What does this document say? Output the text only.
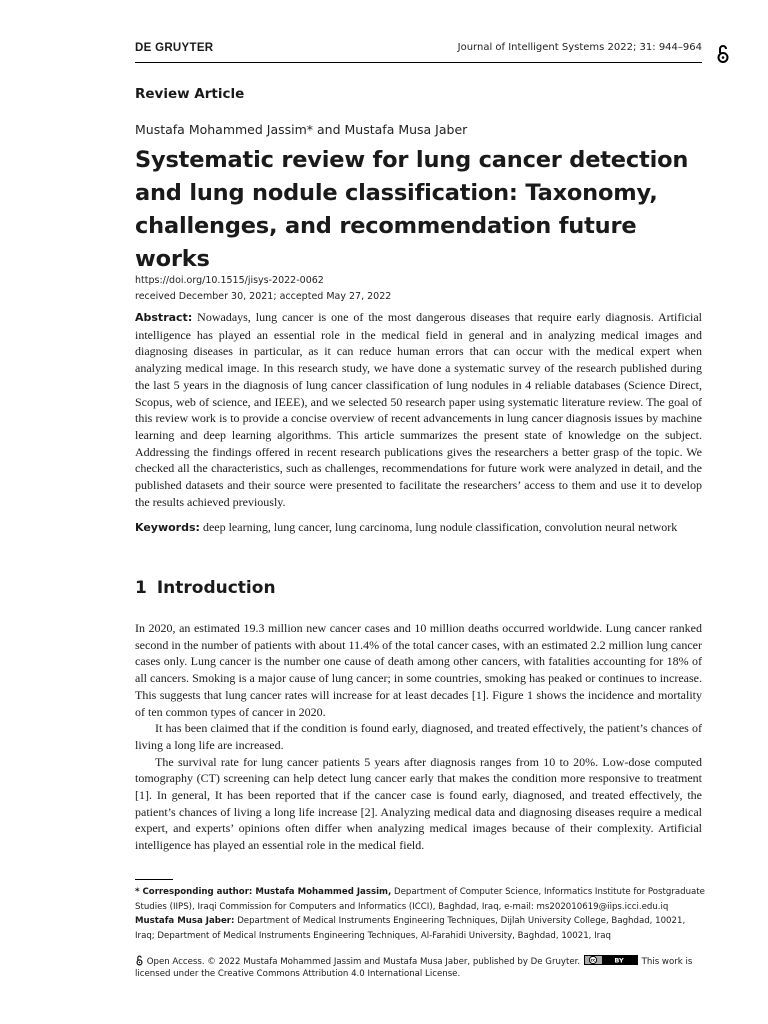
DE GRUYTER	Journal of Intelligent Systems 2022; 31: 944–964
Review Article
Mustafa Mohammed Jassim* and Mustafa Musa Jaber
Systematic review for lung cancer detection and lung nodule classification: Taxonomy, challenges, and recommendation future works
https://doi.org/10.1515/jisys-2022-0062
received December 30, 2021; accepted May 27, 2022

Abstract: Nowadays, lung cancer is one of the most dangerous diseases that require early diagnosis. Artificial intelligence has played an essential role in the medical field in general and in analyzing medical images and diagnosing diseases in particular, as it can reduce human errors that can occur with the medical expert when analyzing medical image. In this research study, we have done a systematic survey of the research published during the last 5 years in the diagnosis of lung cancer classification of lung nodules in 4 reliable databases (Science Direct, Scopus, web of science, and IEEE), and we selected 50 research paper using systematic literature review. The goal of this review work is to provide a concise overview of recent advancements in lung cancer diagnosis issues by machine learning and deep learning algorithms. This article summarizes the present state of knowledge on the subject. Addressing the findings offered in recent research publications gives the researchers a better grasp of the topic. We checked all the characteristics, such as challenges, recommendations for future work were analyzed in detail, and the published datasets and their source were presented to facilitate the researchers’ access to them and use it to develop the results achieved previously.

Keywords: deep learning, lung cancer, lung carcinoma, lung nodule classification, convolution neural network

1 Introduction

In 2020, an estimated 19.3 million new cancer cases and 10 million deaths occurred worldwide. Lung cancer ranked second in the number of patients with about 11.4% of the total cancer cases, with an estimated 2.2 million lung cancer cases only. Lung cancer is the number one cause of death among other cancers, with fatalities accounting for 18% of all cancers. Smoking is a major cause of lung cancer; in some countries, smoking has peaked or continues to increase. This suggests that lung cancer rates will increase for at least decades [1]. Figure 1 shows the incidence and mortality of ten common types of cancer in 2020.

It has been claimed that if the condition is found early, diagnosed, and treated effectively, the patient’s chances of living a long life are increased.

The survival rate for lung cancer patients 5 years after diagnosis ranges from 10 to 20%. Low-dose computed tomography (CT) screening can help detect lung cancer early that makes the condition more responsive to treatment [1]. In general, It has been reported that if the cancer case is found early, diagnosed, and treated effectively, the patient’s chances of living a long life increase [2]. Analyzing medical data and diagnosing diseases require a medical expert, and experts’ opinions often differ when analyzing medical images because of their complexity. Artificial intelligence has played an essential role in the medical field.

* Corresponding author: Mustafa Mohammed Jassim, Department of Computer Science, Informatics Institute for Postgraduate Studies (IIPS), Iraqi Commission for Computers and Informatics (ICCI), Baghdad, Iraq, e-mail: ms202010619@iips.icci.edu.iq
Mustafa Musa Jaber: Department of Medical Instruments Engineering Techniques, Dijlah University College, Baghdad, 10021, Iraq; Department of Medical Instruments Engineering Techniques, Al-Farahidi University, Baghdad, 10021, Iraq
Open Access. © 2022 Mustafa Mohammed Jassim and Mustafa Musa Jaber, published by De Gruyter.	cc	BY This work is licensed under the Creative Commons Attribution 4.0 International License.
